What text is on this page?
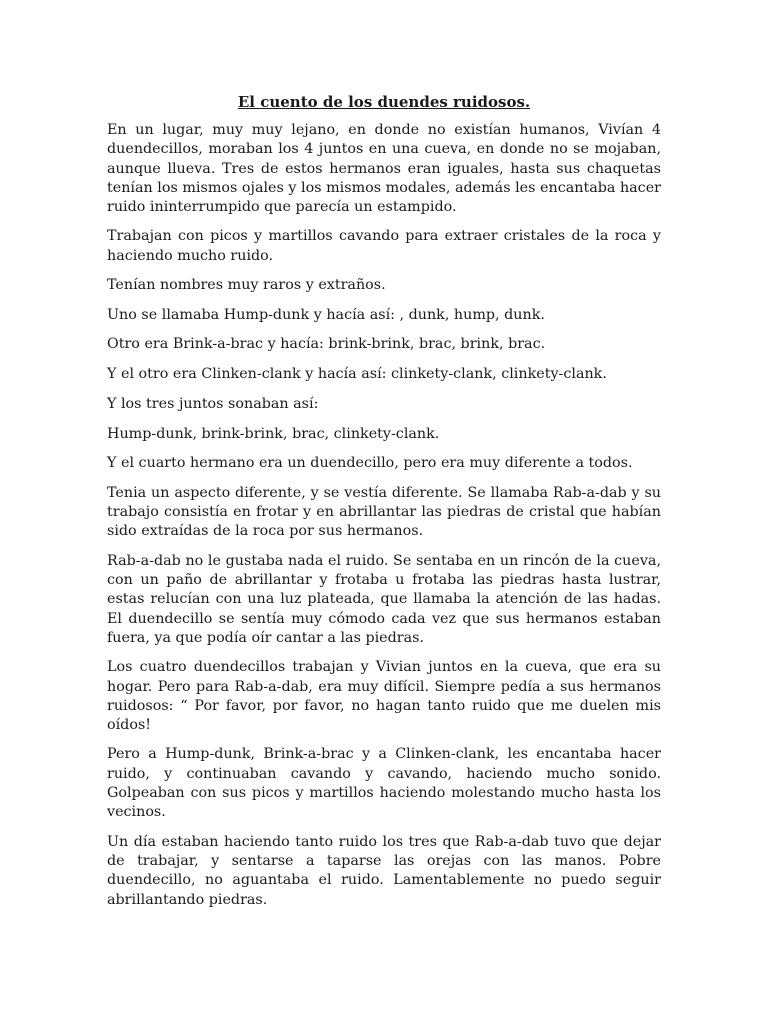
El cuento de los duendes ruidosos.

En un lugar, muy muy lejano, en donde no existían humanos, Vivían 4 duendecillos, moraban los 4 juntos en una cueva, en donde no se mojaban, aunque llueva. Tres de estos hermanos eran iguales, hasta sus chaquetas tenían los mismos ojales y los mismos modales, además les encantaba hacer ruido ininterrumpido que parecía un estampido.

Trabajan con picos y martillos cavando para extraer cristales de la roca y haciendo mucho ruido.

Tenían nombres muy raros y extraños.

Uno se llamaba Hump-dunk y hacía así: , dunk, hump, dunk.

Otro era Brink-a-brac y hacía: brink-brink, brac, brink, brac.

Y el otro era Clinken-clank y hacía así: clinkety-clank, clinkety-clank.

Y los tres juntos sonaban así:

Hump-dunk, brink-brink, brac, clinkety-clank.

Y el cuarto hermano era un duendecillo, pero era muy diferente a todos.

Tenia un aspecto diferente, y se vestía diferente. Se llamaba Rab-a-dab y su trabajo consistía en frotar y en abrillantar las piedras de cristal que habían sido extraídas de la roca por sus hermanos.

Rab-a-dab no le gustaba nada el ruido. Se sentaba en un rincón de la cueva, con un paño de abrillantar y frotaba u frotaba las piedras hasta lustrar, estas relucían con una luz plateada, que llamaba la atención de las hadas. El duendecillo se sentía muy cómodo cada vez que sus hermanos estaban fuera, ya que podía oír cantar a las piedras.

Los cuatro duendecillos trabajan y Vivian juntos en la cueva, que era su hogar. Pero para Rab-a-dab, era muy difícil. Siempre pedía a sus hermanos ruidosos: “ Por favor, por favor, no hagan tanto ruido que me duelen mis oídos!

Pero a Hump-dunk, Brink-a-brac y a Clinken-clank, les encantaba hacer ruido, y continuaban cavando y cavando, haciendo mucho sonido. Golpeaban con sus picos y martillos haciendo molestando mucho hasta los vecinos.

Un día estaban haciendo tanto ruido los tres que Rab-a-dab tuvo que dejar de trabajar, y sentarse a taparse las orejas con las manos. Pobre duendecillo, no aguantaba el ruido. Lamentablemente no puedo seguir abrillantando piedras.
